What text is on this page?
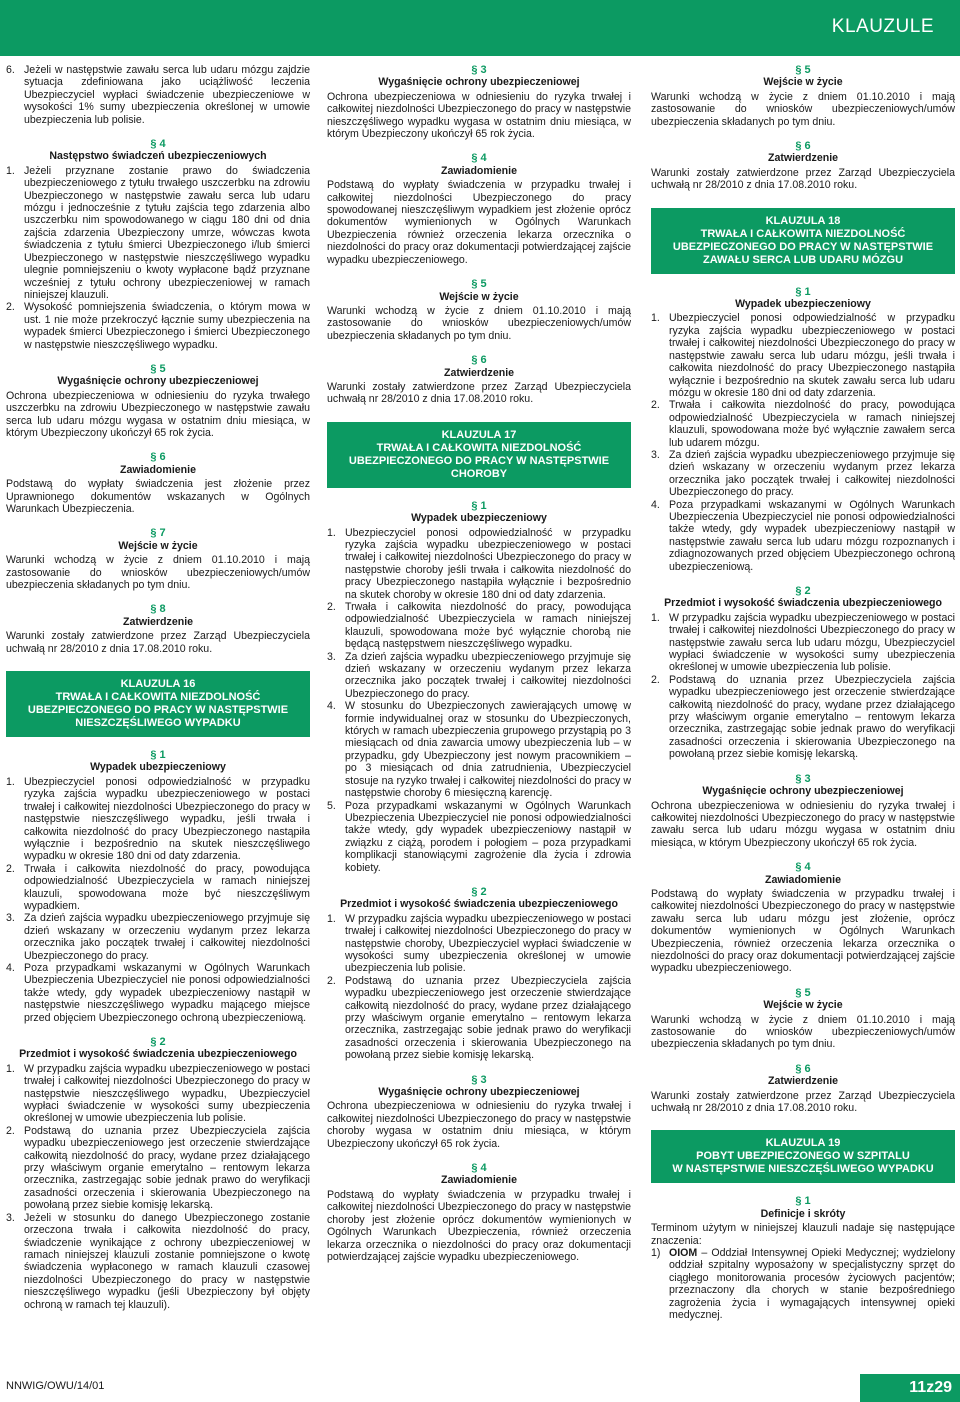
KLAUZULE
6. Jeżeli w następstwie zawału serca lub udaru mózgu zajdzie sytuacja zdefiniowana jako uciążliwość leczenia Ubezpieczyciel wypłaci świadczenie ubezpieczeniowe w wysokości 1% sumy ubezpieczenia określonej w umowie ubezpieczenia lub polisie.
§ 4
Następstwo świadczeń ubezpieczeniowych
1. Jeżeli przyznane zostanie prawo do świadczenia ubezpieczeniowego z tytułu trwałego uszczerbku na zdrowiu Ubezpieczonego w następstwie zawału serca lub udaru mózgu i jednocześnie z tytułu zajścia tego zdarzenia albo uszczerbku nim spowodowanego w ciągu 180 dni od dnia zajścia zdarzenia Ubezpieczony umrze, wówczas kwota świadczenia z tytułu śmierci Ubezpieczonego i/lub śmierci Ubezpieczonego w następstwie nieszczęśliwego wypadku ulegnie pomniejszeniu o kwoty wypłacone bądź przyznane wcześniej z tytułu ochrony ubezpieczeniowej w ramach niniejszej klauzuli.
2. Wysokość pomniejszenia świadczenia, o którym mowa w ust. 1 nie może przekroczyć łącznie sumy ubezpieczenia na wypadek śmierci Ubezpieczonego i śmierci Ubezpieczonego w następstwie nieszczęśliwego wypadku.
§ 5
Wygaśnięcie ochrony ubezpieczeniowej

Ochrona ubezpieczeniowa w odniesieniu do ryzyka trwałego uszczerbku na zdrowiu Ubezpieczonego w następstwie zawału serca lub udaru mózgu wygasa w ostatnim dniu miesiąca, w którym Ubezpieczony ukończył 65 rok życia.

§ 6
Zawiadomienie

Podstawą do wypłaty świadczenia jest złożenie przez Uprawnionego dokumentów wskazanych w Ogólnych Warunkach Ubezpieczenia.

§ 7
Wejście w życie

Warunki wchodzą w życie z dniem 01.10.2010 i mają zastosowanie do wniosków ubezpieczeniowych/umów ubezpieczenia składanych po tym dniu.

§ 8
Zatwierdzenie

Warunki zostały zatwierdzone przez Zarząd Ubezpieczyciela uchwałą nr 28/2010 z dnia 17.08.2010 roku.

KLAUZULA 16
TRWAŁA I CAŁKOWITA NIEZDOLNOŚĆ
UBEZPIECZONEGO DO PRACY W NASTĘPSTWIE
NIESZCZĘŚLIWEGO WYPADKU
§ 1
Wypadek ubezpieczeniowy
1. Ubezpieczyciel ponosi odpowiedzialność w przypadku ryzyka zajścia wypadku ubezpieczeniowego w postaci trwałej i całkowitej niezdolności Ubezpieczonego do pracy w następstwie nieszczęśliwego wypadku, jeśli trwała i całkowita niezdolność do pracy Ubezpieczonego nastąpiła wyłącznie i bezpośrednio na skutek nieszczęśliwego wypadku w okresie 180 dni od daty zdarzenia.
2. Trwała i całkowita niezdolność do pracy, powodująca odpowiedzialność Ubezpieczyciela w ramach niniejszej klauzuli, spowodowana może być nieszczęśliwym wypadkiem.
3. Za dzień zajścia wypadku ubezpieczeniowego przyjmuje się dzień wskazany w orzeczeniu wydanym przez lekarza orzecznika jako początek trwałej i całkowitej niezdolności Ubezpieczonego do pracy.
4. Poza przypadkami wskazanymi w Ogólnych Warunkach Ubezpieczenia Ubezpieczyciel nie ponosi odpowiedzialności także wtedy, gdy wypadek ubezpieczeniowy nastąpił w następstwie nieszczęśliwego wypadku mającego miejsce przed objęciem Ubezpieczonego ochroną ubezpieczeniową.
§ 2
Przedmiot i wysokość świadczenia ubezpieczeniowego
1. W przypadku zajścia wypadku ubezpieczeniowego w postaci trwałej i całkowitej niezdolności Ubezpieczonego do pracy w następstwie nieszczęśliwego wypadku, Ubezpieczyciel wypłaci świadczenie w wysokości sumy ubezpieczenia określonej w umowie ubezpieczenia lub polisie.
2. Podstawą do uznania przez Ubezpieczyciela zajścia wypadku ubezpieczeniowego jest orzeczenie stwierdzające całkowitą niezdolność do pracy, wydane przez działającego przy właściwym organie emerytalno – rentowym lekarza orzecznika, zastrzegając sobie jednak prawo do weryfikacji zasadności orzeczenia i skierowania Ubezpieczonego na powołaną przez siebie komisję lekarską.
3. Jeżeli w stosunku do danego Ubezpieczonego zostanie orzeczona trwała i całkowita niezdolność do pracy, świadczenie wynikające z ochrony ubezpieczeniowej w ramach niniejszej klauzuli zostanie pomniejszone o kwotę świadczenia wypłaconego w ramach klauzuli czasowej niezdolności Ubezpieczonego do pracy w następstwie nieszczęśliwego wypadku (jeśli Ubezpieczony był objęty ochroną w ramach tej klauzuli).
§ 3
Wygaśnięcie ochrony ubezpieczeniowej

Ochrona ubezpieczeniowa w odniesieniu do ryzyka trwałej i całkowitej niezdolności Ubezpieczonego do pracy w następstwie nieszczęśliwego wypadku wygasa w ostatnim dniu miesiąca, w którym Ubezpieczony ukończył 65 rok życia.

§ 4
Zawiadomienie

Podstawą do wypłaty świadczenia w przypadku trwałej i całkowitej niezdolności Ubezpieczonego do pracy spowodowanej nieszczęśliwym wypadkiem jest złożenie oprócz dokumentów wymienionych w Ogólnych Warunkach Ubezpieczenia również orzeczenia lekarza orzecznika o niezdolności do pracy oraz dokumentacji potwierdzającej zajście wypadku ubezpieczeniowego.

§ 5
Wejście w życie

Warunki wchodzą w życie z dniem 01.10.2010 i mają zastosowanie do wniosków ubezpieczeniowych/umów ubezpieczenia składanych po tym dniu.

§ 6
Zatwierdzenie

Warunki zostały zatwierdzone przez Zarząd Ubezpieczyciela uchwałą nr 28/2010 z dnia 17.08.2010 roku.

KLAUZULA 17
TRWAŁA I CAŁKOWITA NIEZDOLNOŚĆ
UBEZPIECZONEGO DO PRACY W NASTĘPSTWIE
CHOROBY
§ 1
Wypadek ubezpieczeniowy
1. Ubezpieczyciel ponosi odpowiedzialność w przypadku ryzyka zajścia wypadku ubezpieczeniowego w postaci trwałej i całkowitej niezdolności Ubezpieczonego do pracy w następstwie choroby jeśli trwała i całkowita niezdolność do pracy Ubezpieczonego nastąpiła wyłącznie i bezpośrednio na skutek choroby w okresie 180 dni od daty zdarzenia.
2. Trwała i całkowita niezdolność do pracy, powodująca odpowiedzialność Ubezpieczyciela w ramach niniejszej klauzuli, spowodowana może być wyłącznie chorobą nie będącą następstwem nieszczęśliwego wypadku.
3. Za dzień zajścia wypadku ubezpieczeniowego przyjmuje się dzień wskazany w orzeczeniu wydanym przez lekarza orzecznika jako początek trwałej i całkowitej niezdolności Ubezpieczonego do pracy.
4. W stosunku do Ubezpieczonych zawierających umowę w formie indywidualnej oraz w stosunku do Ubezpieczonych, których w ramach ubezpieczenia grupowego przystąpią po 3 miesiącach od dnia zawarcia umowy ubezpieczenia lub – w przypadku, gdy Ubezpieczony jest nowym pracownikiem – po 3 miesiącach od dnia zatrudnienia, Ubezpieczyciel stosuje na ryzyko trwałej i całkowitej niezdolności do pracy w następstwie choroby 6 miesięczną karencję.
5. Poza przypadkami wskazanymi w Ogólnych Warunkach Ubezpieczenia Ubezpieczyciel nie ponosi odpowiedzialności także wtedy, gdy wypadek ubezpieczeniowy nastąpił w związku z ciążą, porodem i połogiem – poza przypadkami komplikacji stanowiącymi zagrożenie dla życia i zdrowia kobiety.
§ 2
Przedmiot i wysokość świadczenia ubezpieczeniowego
1. W przypadku zajścia wypadku ubezpieczeniowego w postaci trwałej i całkowitej niezdolności Ubezpieczonego do pracy w następstwie choroby, Ubezpieczyciel wypłaci świadczenie w wysokości sumy ubezpieczenia określonej w umowie ubezpieczenia lub polisie.
2. Podstawą do uznania przez Ubezpieczyciela zajścia wypadku ubezpieczeniowego jest orzeczenie stwierdzające całkowitą niezdolność do pracy, wydane przez działającego przy właściwym organie emerytalno – rentowym lekarza orzecznika, zastrzegając sobie jednak prawo do weryfikacji zasadności orzeczenia i skierowania Ubezpieczonego na powołaną przez siebie komisję lekarską.
§ 3
Wygaśnięcie ochrony ubezpieczeniowej

Ochrona ubezpieczeniowa w odniesieniu do ryzyka trwałej i całkowitej niezdolności Ubezpieczonego do pracy w następstwie choroby wygasa w ostatnim dniu miesiąca, w którym Ubezpieczony ukończył 65 rok życia.

§ 4
Zawiadomienie

Podstawą do wypłaty świadczenia w przypadku trwałej i całkowitej niezdolności Ubezpieczonego do pracy w następstwie choroby jest złożenie oprócz dokumentów wymienionych w Ogólnych Warunkach Ubezpieczenia, również orzeczenia lekarza orzecznika o niezdolności do pracy oraz dokumentacji potwierdzającej zajście wypadku ubezpieczeniowego.

§ 5
Wejście w życie

Warunki wchodzą w życie z dniem 01.10.2010 i mają zastosowanie do wniosków ubezpieczeniowych/umów ubezpieczenia składanych po tym dniu.

§ 6
Zatwierdzenie

Warunki zostały zatwierdzone przez Zarząd Ubezpieczyciela uchwałą nr 28/2010 z dnia 17.08.2010 roku.

KLAUZULA 18
TRWAŁA I CAŁKOWITA NIEZDOLNOŚĆ
UBEZPIECZONEGO DO PRACY W NASTĘPSTWIE
ZAWAŁU SERCA LUB UDARU MÓZGU
§ 1
Wypadek ubezpieczeniowy
1. Ubezpieczyciel ponosi odpowiedzialność w przypadku ryzyka zajścia wypadku ubezpieczeniowego w postaci trwałej i całkowitej niezdolności Ubezpieczonego do pracy w następstwie zawału serca lub udaru mózgu, jeśli trwała i całkowita niezdolność do pracy Ubezpieczonego nastąpiła wyłącznie i bezpośrednio na skutek zawału serca lub udaru mózgu w okresie 180 dni od daty zdarzenia.
2. Trwała i całkowita niezdolność do pracy, powodująca odpowiedzialność Ubezpieczyciela w ramach niniejszej klauzuli, spowodowana może być wyłącznie zawałem serca lub udarem mózgu.
3. Za dzień zajścia wypadku ubezpieczeniowego przyjmuje się dzień wskazany w orzeczeniu wydanym przez lekarza orzecznika jako początek trwałej i całkowitej niezdolności Ubezpieczonego do pracy.
4. Poza przypadkami wskazanymi w Ogólnych Warunkach Ubezpieczenia Ubezpieczyciel nie ponosi odpowiedzialności także wtedy, gdy wypadek ubezpieczeniowy nastąpił w następstwie zawału serca lub udaru mózgu rozpoznanych i zdiagnozowanych przed objęciem Ubezpieczonego ochroną ubezpieczeniową.
§ 2
Przedmiot i wysokość świadczenia ubezpieczeniowego
1. W przypadku zajścia wypadku ubezpieczeniowego w postaci trwałej i całkowitej niezdolności Ubezpieczonego do pracy w następstwie zawału serca lub udaru mózgu, Ubezpieczyciel wypłaci świadczenie w wysokości sumy ubezpieczenia określonej w umowie ubezpieczenia lub polisie.
2. Podstawą do uznania przez Ubezpieczyciela zajścia wypadku ubezpieczeniowego jest orzeczenie stwierdzające całkowitą niezdolność do pracy, wydane przez działającego przy właściwym organie emerytalno – rentowym lekarza orzecznika, zastrzegając sobie jednak prawo do weryfikacji zasadności orzeczenia i skierowania Ubezpieczonego na powołaną przez siebie komisję lekarską.
§ 3
Wygaśnięcie ochrony ubezpieczeniowej

Ochrona ubezpieczeniowa w odniesieniu do ryzyka trwałej i całkowitej niezdolności Ubezpieczonego do pracy w następstwie zawału serca lub udaru mózgu wygasa w ostatnim dniu miesiąca, w którym Ubezpieczony ukończył 65 rok życia.

§ 4
Zawiadomienie

Podstawą do wypłaty świadczenia w przypadku trwałej i całkowitej niezdolności Ubezpieczonego do pracy w następstwie zawału serca lub udaru mózgu jest złożenie, oprócz dokumentów wymienionych w Ogólnych Warunkach Ubezpieczenia, również orzeczenia lekarza orzecznika o niezdolności do pracy oraz dokumentacji potwierdzającej zajście wypadku ubezpieczeniowego.

§ 5
Wejście w życie

Warunki wchodzą w życie z dniem 01.10.2010 i mają zastosowanie do wniosków ubezpieczeniowych/umów ubezpieczenia składanych po tym dniu.

§ 6
Zatwierdzenie

Warunki zostały zatwierdzone przez Zarząd Ubezpieczyciela uchwałą nr 28/2010 z dnia 17.08.2010 roku.

KLAUZULA 19
POBYT UBEZPIECZONEGO W SZPITALU
W NASTĘPSTWIE NIESZCZĘŚLIWEGO WYPADKU
§ 1
Definicje i skróty

Terminom użytym w niniejszej klauzuli nadaje się następujące znaczenia:

1) OIOM – Oddział Intensywnej Opieki Medycznej; wydzielony oddział szpitalny wyposażony w specjalistyczny sprzęt do ciągłego monitorowania procesów życiowych pacjentów; przeznaczony dla chorych w stanie bezpośredniego zagrożenia życia i wymagających intensywnej opieki medycznej.
NNWIG/OWU/14/01	11z29
